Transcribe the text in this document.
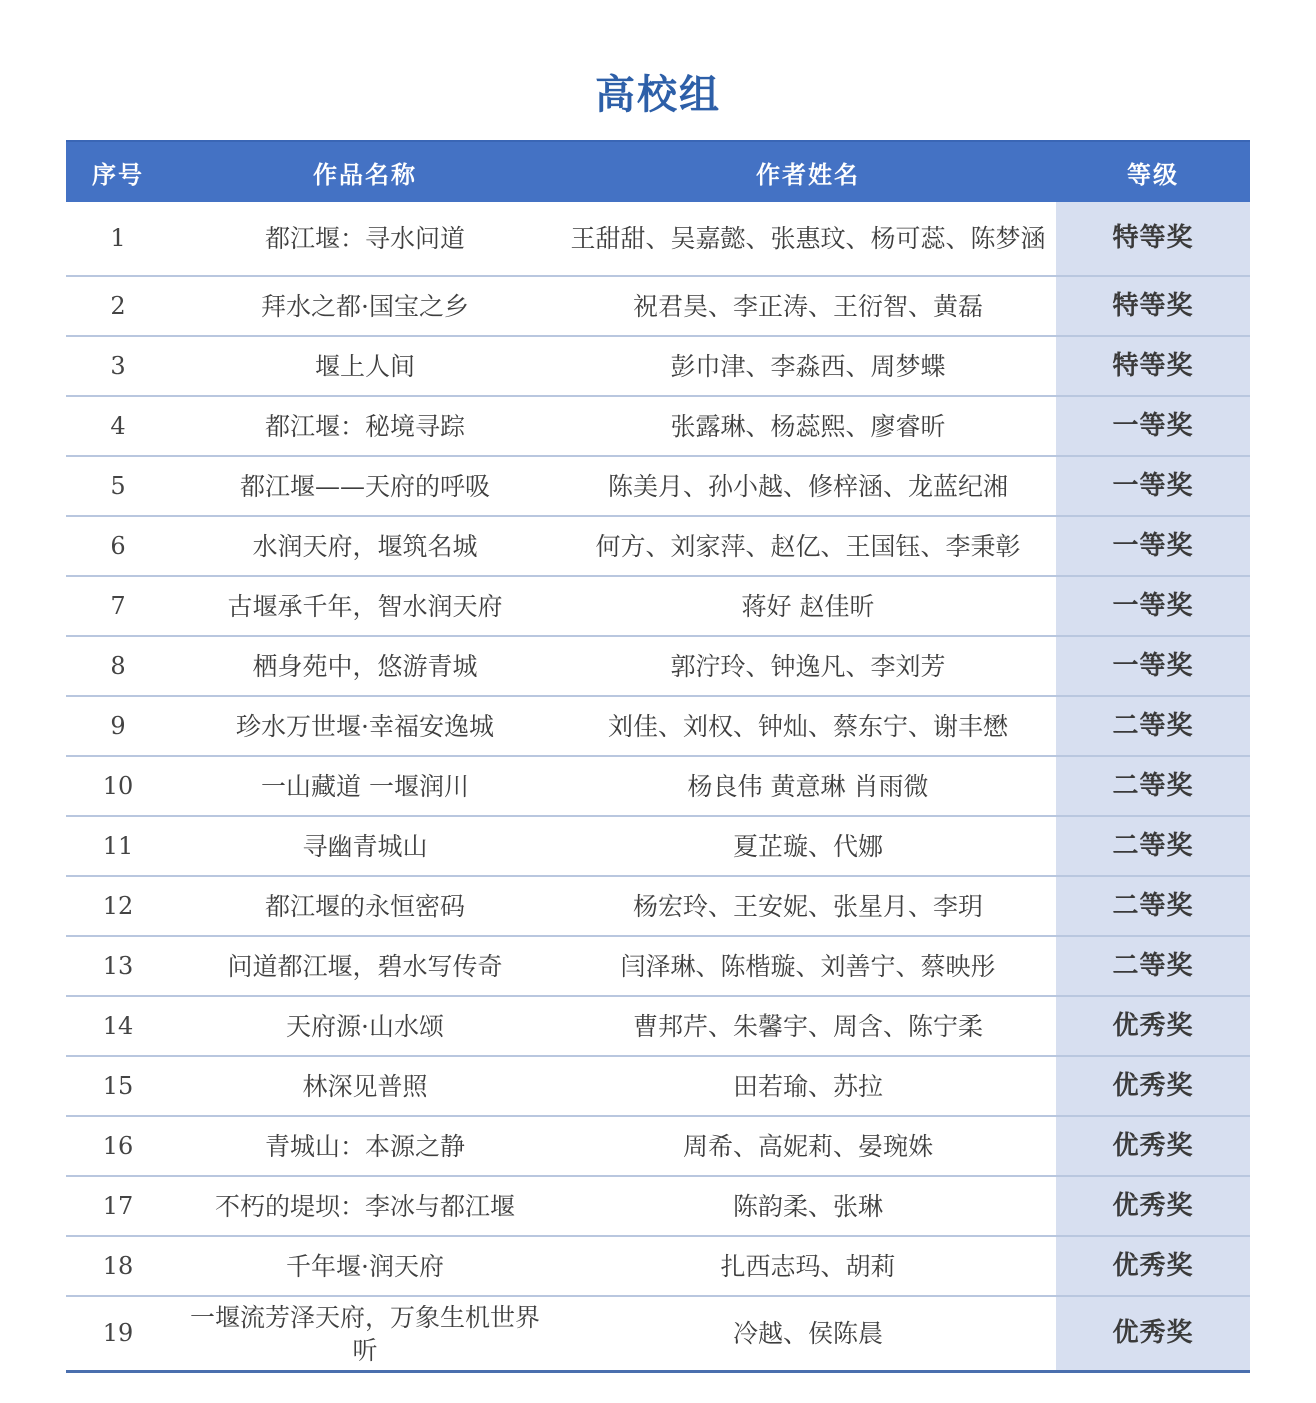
高校组
序号	作品名称	作者姓名	等级
1	都江堰：寻水问道	王甜甜、吴嘉懿、张惠玟、杨可蕊、陈梦涵	特等奖
2	拜水之都·国宝之乡	祝君昊、李正涛、王衍智、黄磊	特等奖
3	堰上人间	彭巾津、李淼西、周梦蝶	特等奖
4	都江堰：秘境寻踪	张露琳、杨蕊熙、廖睿昕	一等奖
5	都江堰——天府的呼吸	陈美月、孙小越、修梓涵、龙蓝纪湘	一等奖
6	水润天府，堰筑名城	何方、刘家萍、赵亿、王国钰、李秉彰	一等奖
7	古堰承千年，智水润天府	蒋好 赵佳昕	一等奖
8	栖身苑中，悠游青城	郭泞玲、钟逸凡、李刘芳	一等奖
9	珍水万世堰·幸福安逸城	刘佳、刘权、钟灿、蔡东宁、谢丰懋	二等奖
10	一山藏道 一堰润川	杨良伟 黄意琳 肖雨微	二等奖
11	寻幽青城山	夏芷璇、代娜	二等奖
12	都江堰的永恒密码	杨宏玲、王安妮、张星月、李玥	二等奖
13	问道都江堰，碧水写传奇	闫泽琳、陈楷璇、刘善宁、蔡映彤	二等奖
14	天府源·山水颂	曹邦芹、朱馨宇、周含、陈宁柔	优秀奖
15	林深见普照	田若瑜、苏拉	优秀奖
16	青城山：本源之静	周希、高妮莉、晏琬姝	优秀奖
17	不朽的堤坝：李冰与都江堰	陈韵柔、张琳	优秀奖
18	千年堰·润天府	扎西志玛、胡莉	优秀奖
19	一堰流芳泽天府，万象生机世界听	冷越、侯陈晨	优秀奖
